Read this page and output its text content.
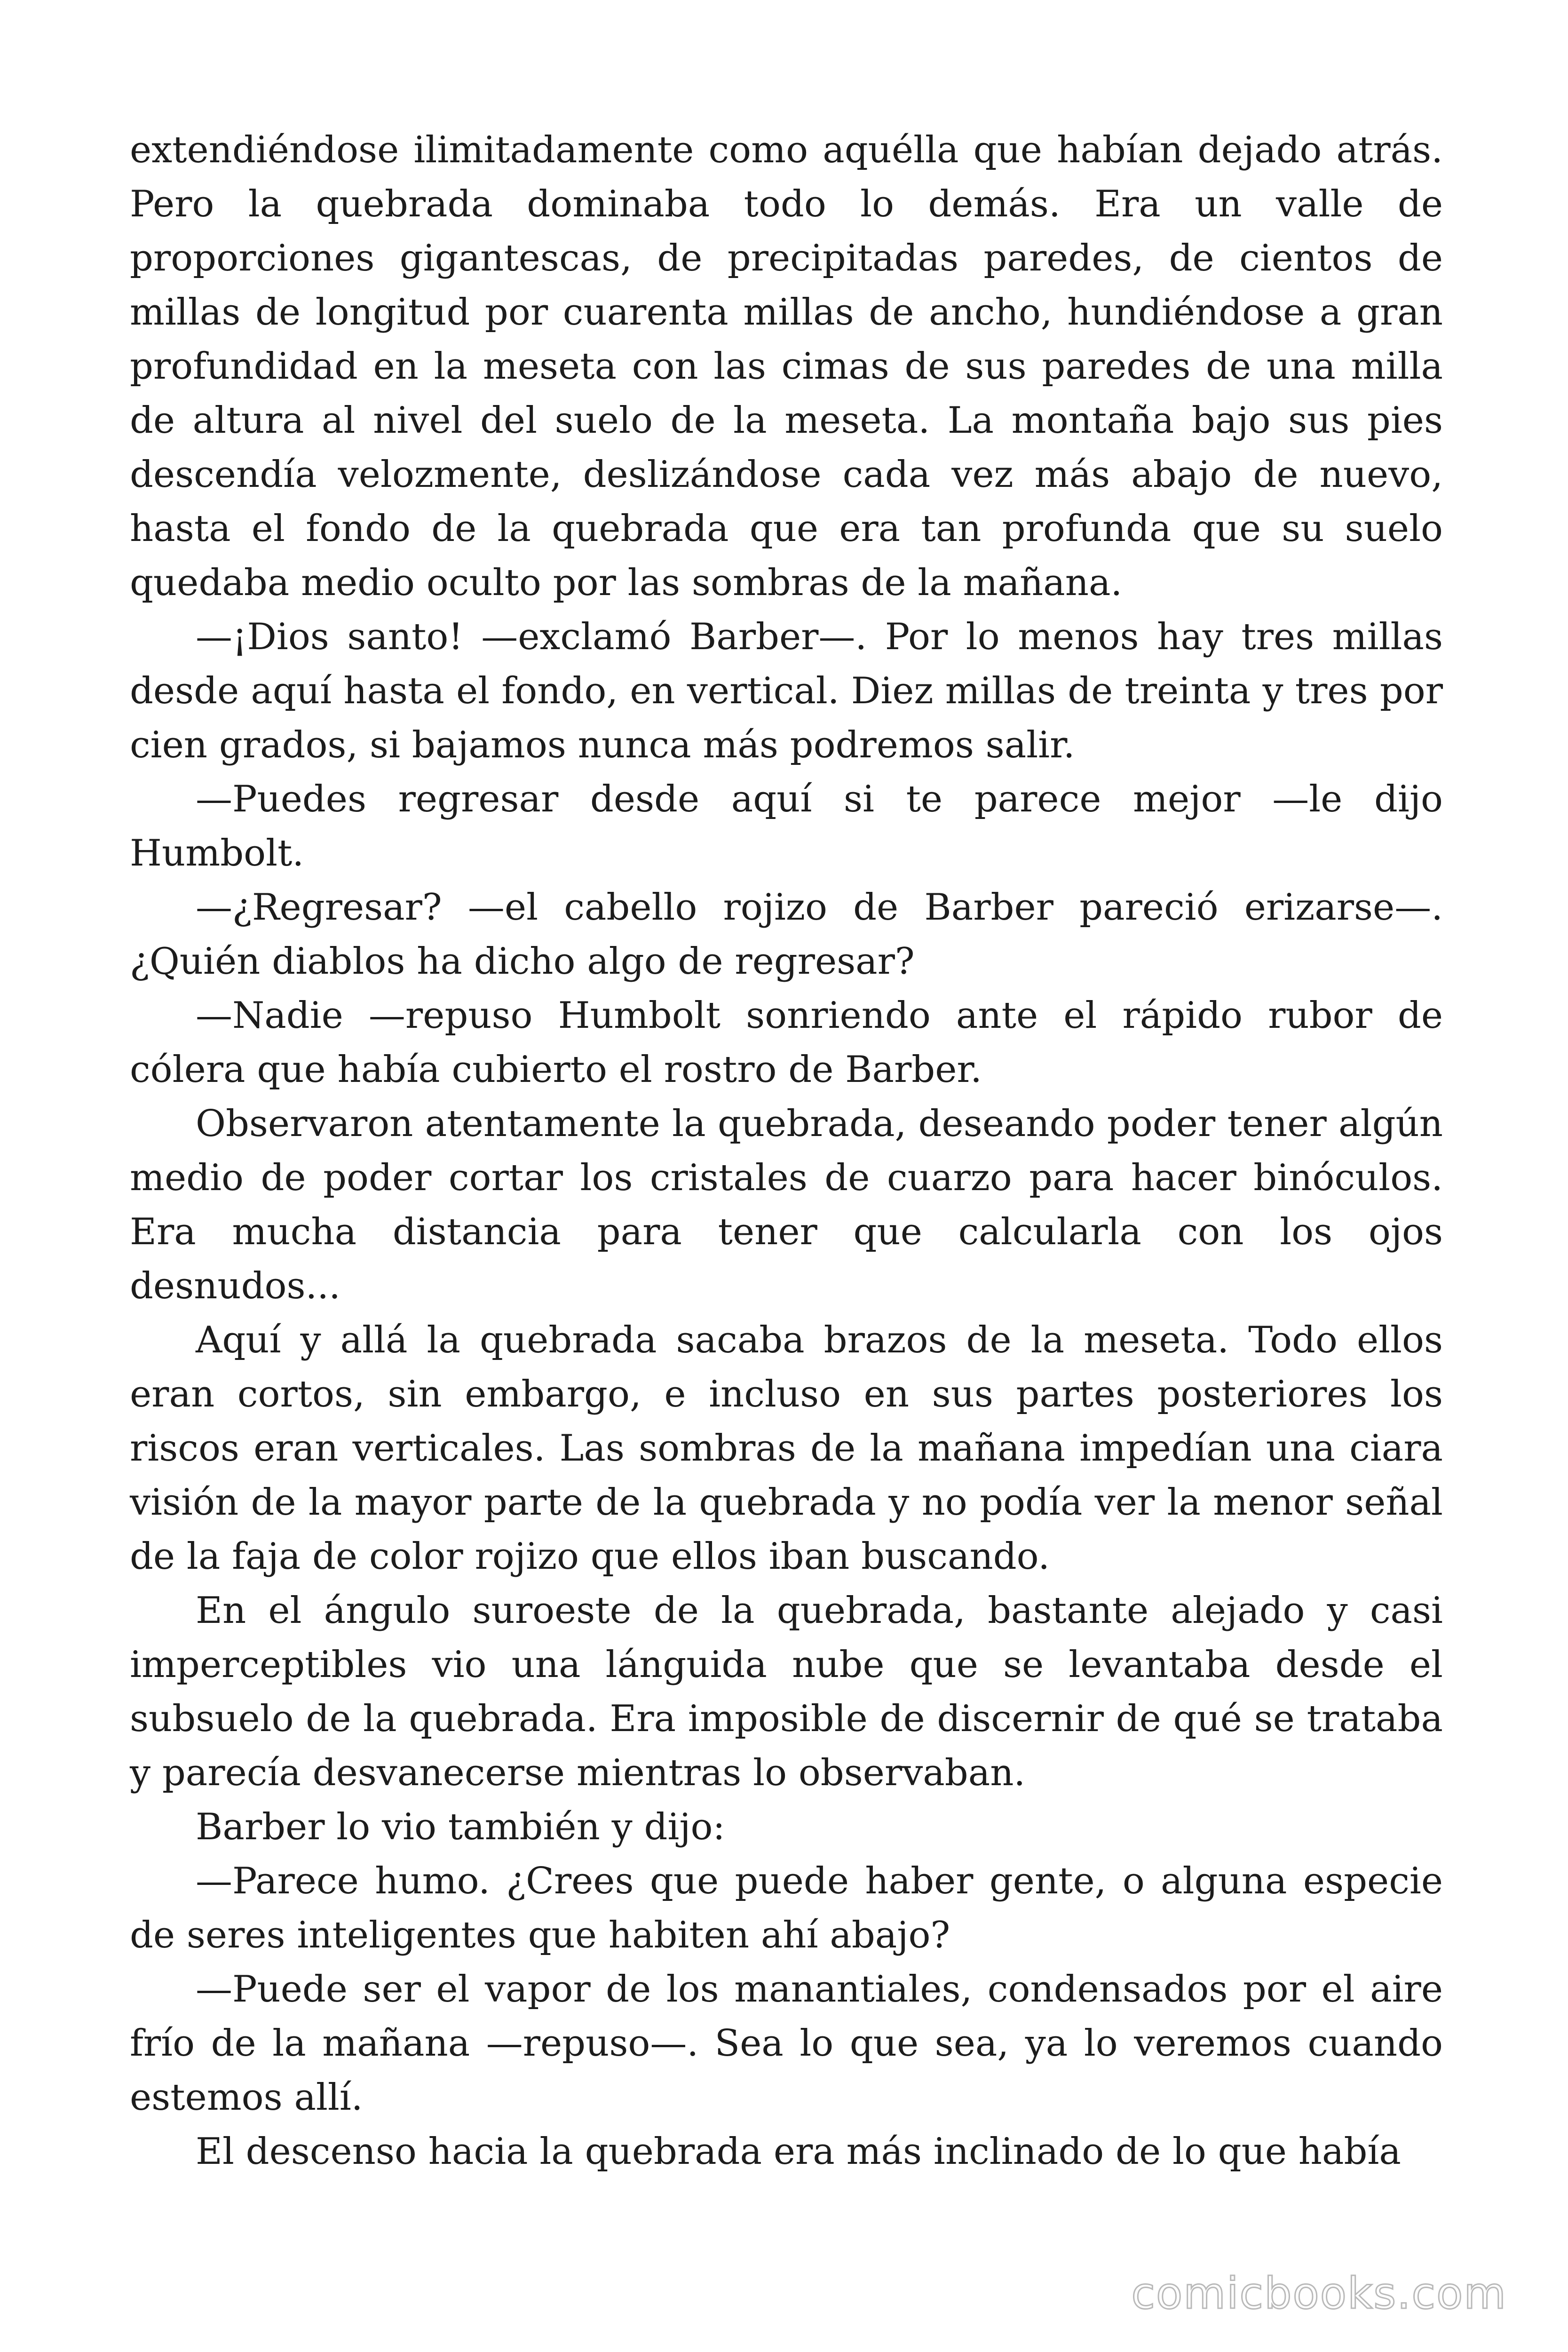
extendiéndose ilimitadamente como aquélla que habían dejado atrás. Pero la quebrada dominaba todo lo demás. Era un valle de proporciones gigantescas, de precipitadas paredes, de cientos de millas de longitud por cuarenta millas de ancho, hundiéndose a gran profundidad en la meseta con las cimas de sus paredes de una milla de altura al nivel del suelo de la meseta. La montaña bajo sus pies descendía velozmente, deslizándose cada vez más abajo de nuevo, hasta el fondo de la quebrada que era tan profunda que su suelo quedaba medio oculto por las sombras de la mañana.

—¡Dios santo! —exclamó Barber—. Por lo menos hay tres millas desde aquí hasta el fondo, en vertical. Diez millas de treinta y tres por cien grados, si bajamos nunca más podremos salir.

—Puedes regresar desde aquí si te parece mejor —le dijo Humbolt.

—¿Regresar? —el cabello rojizo de Barber pareció erizarse—. ¿Quién diablos ha dicho algo de regresar?

—Nadie —repuso Humbolt sonriendo ante el rápido rubor de cólera que había cubierto el rostro de Barber.

Observaron atentamente la quebrada, deseando poder tener algún medio de poder cortar los cristales de cuarzo para hacer binóculos. Era mucha distancia para tener que calcularla con los ojos desnudos...

Aquí y allá la quebrada sacaba brazos de la meseta. Todo ellos eran cortos, sin embargo, e incluso en sus partes posteriores los riscos eran verticales. Las sombras de la mañana impedían una ciara visión de la mayor parte de la quebrada y no podía ver la menor señal de la faja de color rojizo que ellos iban buscando.

En el ángulo suroeste de la quebrada, bastante alejado y casi imperceptibles vio una lánguida nube que se levantaba desde el subsuelo de la quebrada. Era imposible de discernir de qué se trataba y parecía desvanecerse mientras lo observaban.

Barber lo vio también y dijo:

—Parece humo. ¿Crees que puede haber gente, o alguna especie de seres inteligentes que habiten ahí abajo?

—Puede ser el vapor de los manantiales, condensados por el aire frío de la mañana —repuso—. Sea lo que sea, ya lo veremos cuando estemos allí.

El descenso hacia la quebrada era más inclinado de lo que había

comicbooks.com
